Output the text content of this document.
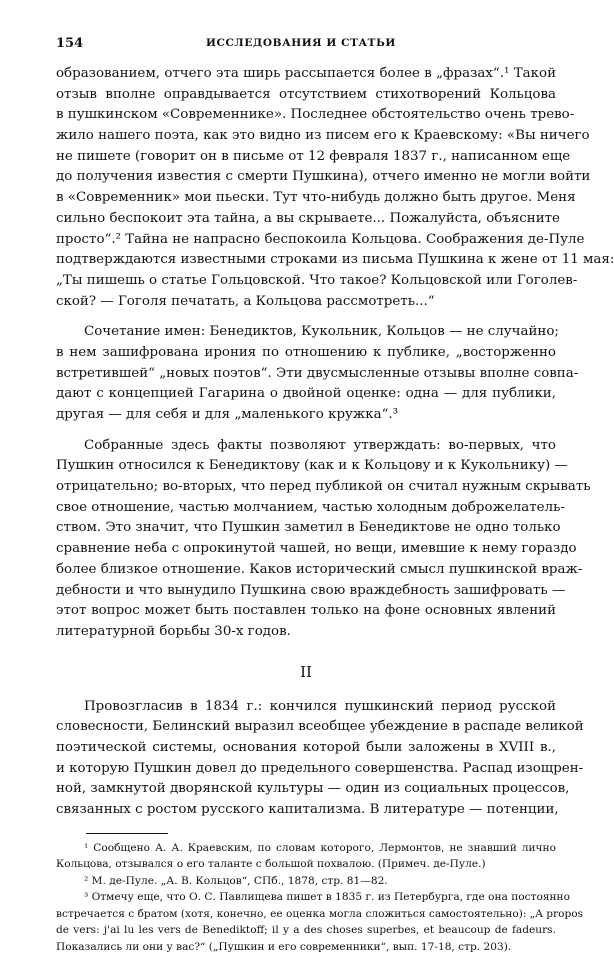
154	ИССЛЕДОВАНИЯ И СТАТЬИ
образованием, отчего эта ширь рассыпается более в „фразах“.¹ Такой
отзыв вполне оправдывается отсутствием стихотворений Кольцова
в пушкинском «Современнике». Последнее обстоятельство очень трево-
жило нашего поэта, как это видно из писем его к Краевскому: «Вы ничего
не пишете (говорит он в письме от 12 февраля 1837 г., написанном еще
до получения известия с смерти Пушкина), отчего именно не могли войти
в «Современник» мои пьески. Тут что-нибудь должно быть другое. Меня
сильно беспокоит эта тайна, а вы скрываете... Пожалуйста, объясните
просто“.² Тайна не напрасно беспокоила Кольцова. Соображения де-Пуле
подтверждаются известными строками из письма Пушкина к жене от 11 мая:
„Ты пишешь о статье Гольцовской. Что такое? Кольцовской или Гоголев-
ской? — Гоголя печатать, а Кольцова рассмотреть...“
Сочетание имен: Бенедиктов, Кукольник, Кольцов — не случайно;
в нем зашифрована ирония по отношению к публике, „восторженно
встретившей“ „новых поэтов“. Эти двусмысленные отзывы вполне совпа-
дают с концепцией Гагарина о двойной оценке: одна — для публики,
другая — для себя и для „маленького кружка“.³
Собранные здесь факты позволяют утверждать: во-первых, что
Пушкин относился к Бенедиктову (как и к Кольцову и к Кукольнику) —
отрицательно; во-вторых, что перед публикой он считал нужным скрывать
свое отношение, частью молчанием, частью холодным доброжелатель-
ством. Это значит, что Пушкин заметил в Бенедиктове не одно только
сравнение неба с опрокинутой чашей, но вещи, имевшие к нему гораздо
более близкое отношение. Каков исторический смысл пушкинской враж-
дебности и что вынудило Пушкина свою враждебность зашифровать —
этот вопрос может быть поставлен только на фоне основных явлений
литературной борьбы 30-х годов.
II
Провозгласив в 1834 г.: кончился пушкинский период русской
словесности, Белинский выразил всеобщее убеждение в распаде великой
поэтической системы, основания которой были заложены в XVIII в.,
и которую Пушкин довел до предельного совершенства. Распад изощрен-
ной, замкнутой дворянской культуры — один из социальных процессов,
связанных с ростом русского капитализма. В литературе — потенции,
¹ Сообщено А. А. Краевским, по словам которого, Лермонтов, не знавший лично
Кольцова, отзывался о его таланте с большой похвалою. (Примеч. де-Пуле.)
² М. де-Пуле. „А. В. Кольцов“, СПб., 1878, стр. 81—82.
³ Отмечу еще, что О. С. Павлищева пишет в 1835 г. из Петербурга, где она постоянно
встречается с братом (хотя, конечно, ее оценка могла сложиться самостоятельно): „A propos
de vers: j'ai lu les vers de Benediktoff; il y a des choses superbes, et beaucoup de fadeurs.
Показались ли они у вас?“ („Пушкин и его современники“, вып. 17-18, стр. 203).
